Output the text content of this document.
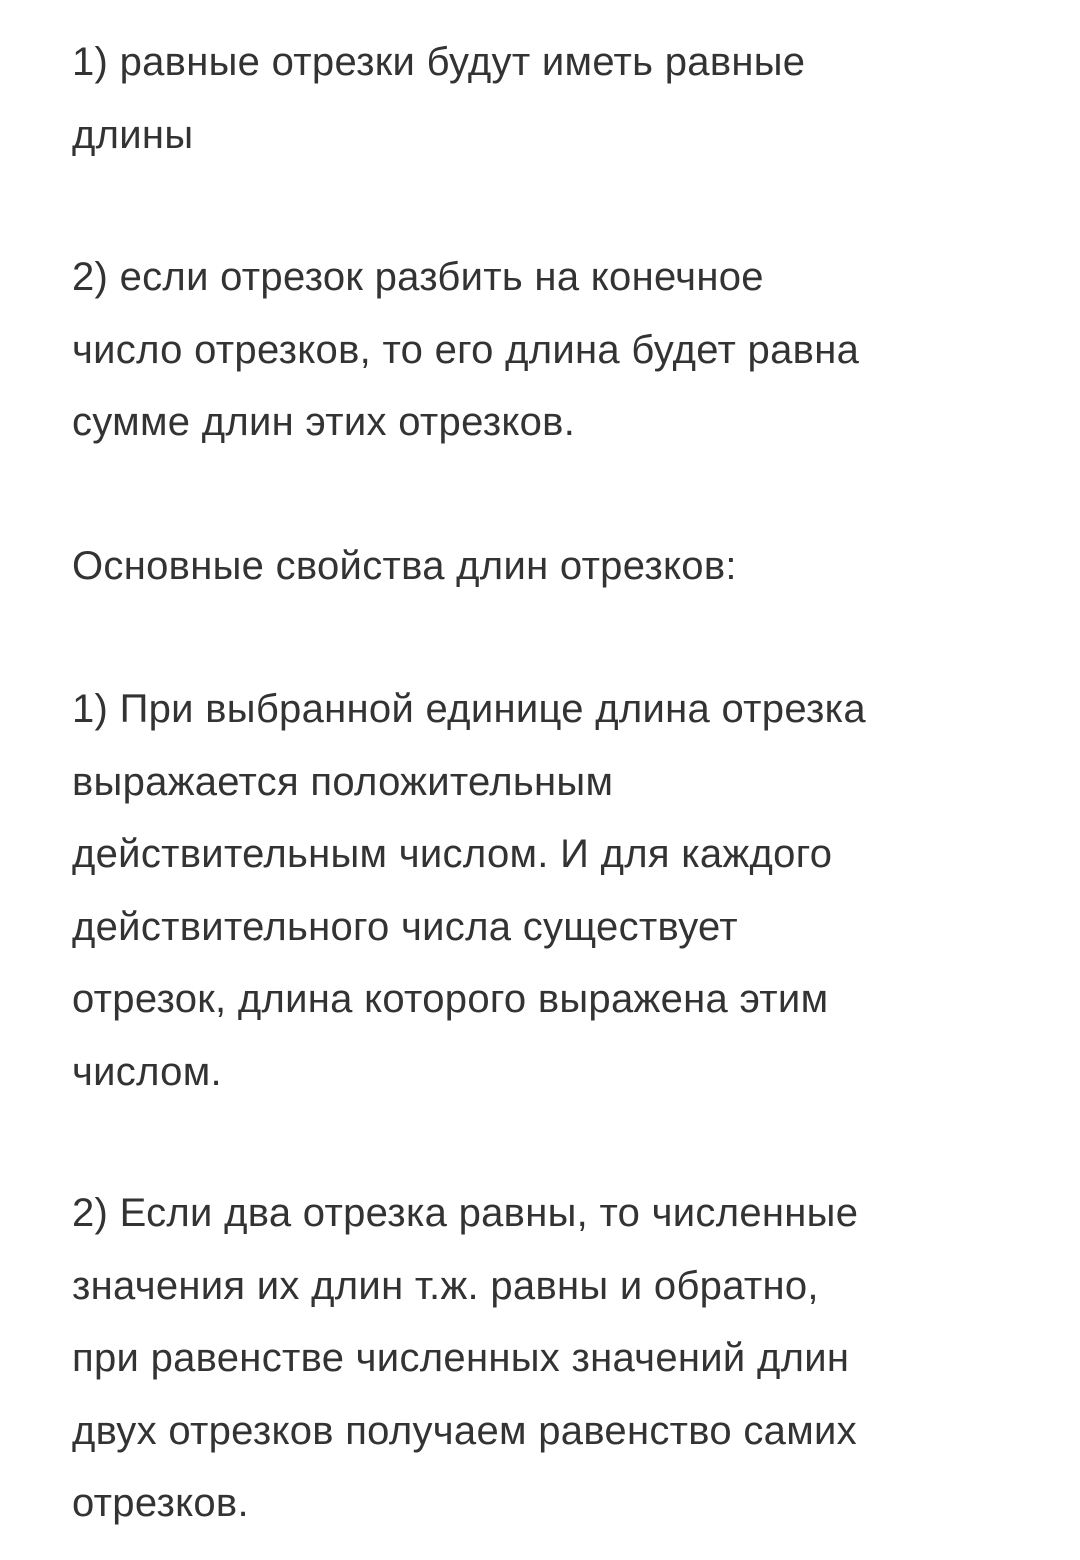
1) равные отрезки будут иметь равные
длины
2) если отрезок разбить на конечное
число отрезков, то его длина будет равна
сумме длин этих отрезков.
Основные свойства длин отрезков:
1) При выбранной единице длина отрезка
выражается положительным
действительным числом. И для каждого
действительного числа существует
отрезок, длина которого выражена этим
числом.
2) Если два отрезка равны, то численные
значения их длин т.ж. равны и обратно,
при равенстве численных значений длин
двух отрезков получаем равенство самих
отрезков.
